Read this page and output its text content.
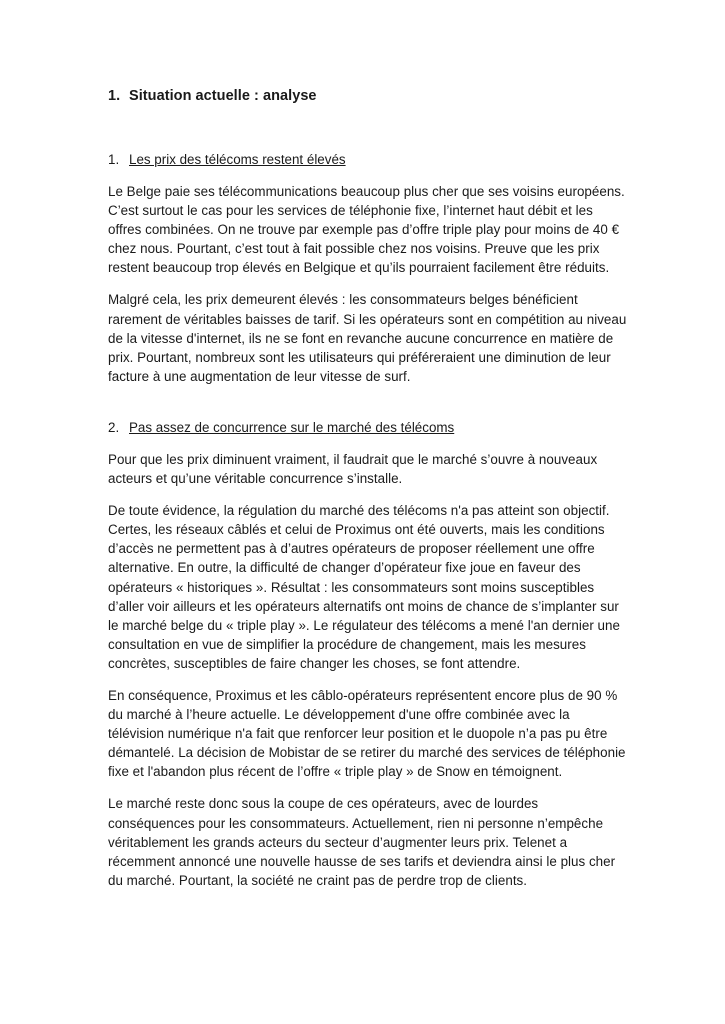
1. Situation actuelle : analyse
1. Les prix des télécoms restent élevés

Le Belge paie ses télécommunications beaucoup plus cher que ses voisins européens. C’est surtout le cas pour les services de téléphonie fixe, l’internet haut débit et les offres combinées. On ne trouve par exemple pas d’offre triple play pour moins de 40 € chez nous. Pourtant, c’est tout à fait possible chez nos voisins. Preuve que les prix restent beaucoup trop élevés en Belgique et qu’ils pourraient facilement être réduits.

Malgré cela, les prix demeurent élevés : les consommateurs belges bénéficient rarement de véritables baisses de tarif. Si les opérateurs sont en compétition au niveau de la vitesse d'internet, ils ne se font en revanche aucune concurrence en matière de prix. Pourtant, nombreux sont les utilisateurs qui préféreraient une diminution de leur facture à une augmentation de leur vitesse de surf.

2. Pas assez de concurrence sur le marché des télécoms

Pour que les prix diminuent vraiment, il faudrait que le marché s’ouvre à nouveaux acteurs et qu’une véritable concurrence s’installe.

De toute évidence, la régulation du marché des télécoms n'a pas atteint son objectif. Certes, les réseaux câblés et celui de Proximus ont été ouverts, mais les conditions d’accès ne permettent pas à d’autres opérateurs de proposer réellement une offre alternative. En outre, la difficulté de changer d’opérateur fixe joue en faveur des opérateurs « historiques ». Résultat : les consommateurs sont moins susceptibles d’aller voir ailleurs et les opérateurs alternatifs ont moins de chance de s’implanter sur le marché belge du « triple play ». Le régulateur des télécoms a mené l'an dernier une consultation en vue de simplifier la procédure de changement, mais les mesures concrètes, susceptibles de faire changer les choses, se font attendre.

En conséquence, Proximus et les câblo-opérateurs représentent encore plus de 90 % du marché à l’heure actuelle. Le développement d'une offre combinée avec la télévision numérique n'a fait que renforcer leur position et le duopole n’a pas pu être démantelé. La décision de Mobistar de se retirer du marché des services de téléphonie fixe et l'abandon plus récent de l’offre « triple play » de Snow en témoignent.

Le marché reste donc sous la coupe de ces opérateurs, avec de lourdes conséquences pour les consommateurs. Actuellement, rien ni personne n’empêche véritablement les grands acteurs du secteur d’augmenter leurs prix. Telenet a récemment annoncé une nouvelle hausse de ses tarifs et deviendra ainsi le plus cher du marché. Pourtant, la société ne craint pas de perdre trop de clients.
